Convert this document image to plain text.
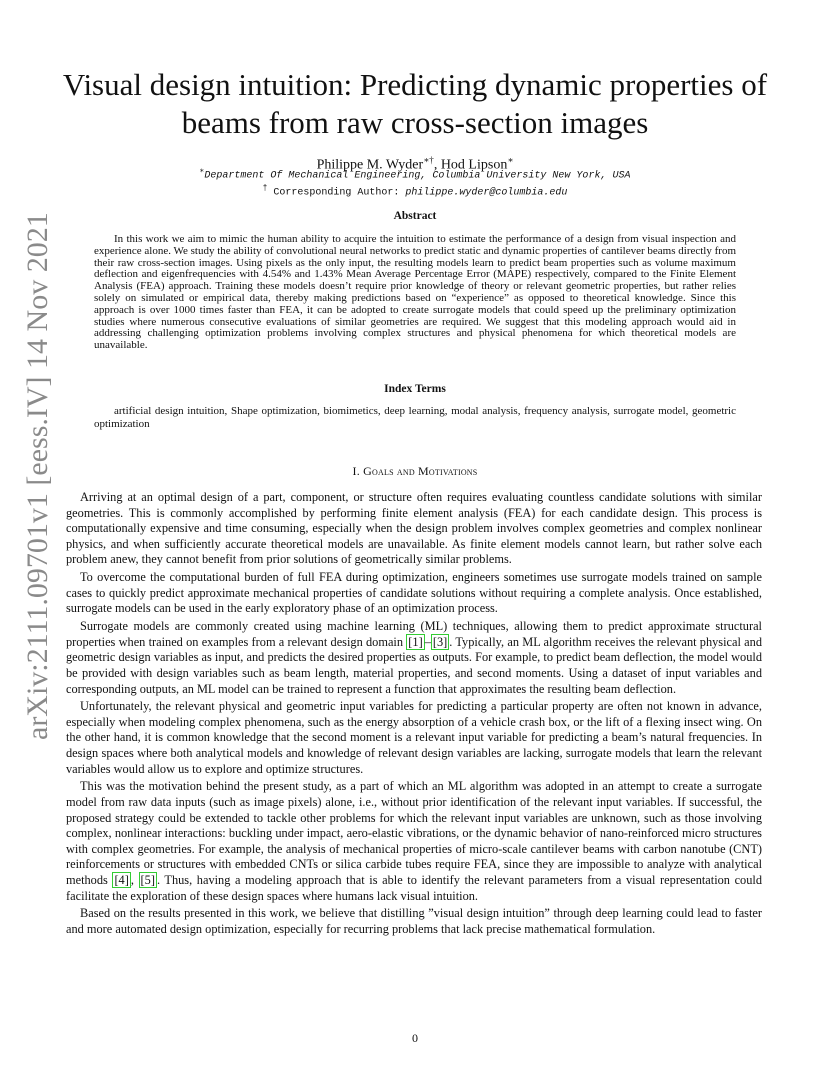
arXiv:2111.09701v1 [eess.IV] 14 Nov 2021
Visual design intuition: Predicting dynamic properties of beams from raw cross-section images
Philippe M. Wyder∗†, Hod Lipson∗
∗Department Of Mechanical Engineering, Columbia University New York, USA
† Corresponding Author: philippe.wyder@columbia.edu
Abstract
In this work we aim to mimic the human ability to acquire the intuition to estimate the performance of a design from visual inspection and experience alone. We study the ability of convolutional neural networks to predict static and dynamic properties of cantilever beams directly from their raw cross-section images. Using pixels as the only input, the resulting models learn to predict beam properties such as volume maximum deflection and eigenfrequencies with 4.54% and 1.43% Mean Average Percentage Error (MAPE) respectively, compared to the Finite Element Analysis (FEA) approach. Training these models doesn’t require prior knowledge of theory or relevant geometric properties, but rather relies solely on simulated or empirical data, thereby making predictions based on “experience” as opposed to theoretical knowledge. Since this approach is over 1000 times faster than FEA, it can be adopted to create surrogate models that could speed up the preliminary optimization studies where numerous consecutive evaluations of similar geometries are required. We suggest that this modeling approach would aid in addressing challenging optimization problems involving complex structures and physical phenomena for which theoretical models are unavailable.
Index Terms
artificial design intuition, Shape optimization, biomimetics, deep learning, modal analysis, frequency analysis, surrogate model, geometric optimization
I. Goals and Motivations

Arriving at an optimal design of a part, component, or structure often requires evaluating countless candidate solutions with similar geometries. This is commonly accomplished by performing finite element analysis (FEA) for each candidate design. This process is computationally expensive and time consuming, especially when the design problem involves complex geometries and complex nonlinear physics, and when sufficiently accurate theoretical models are unavailable. As finite element models cannot learn, but rather solve each problem anew, they cannot benefit from prior solutions of geometrically similar problems.

To overcome the computational burden of full FEA during optimization, engineers sometimes use surrogate models trained on sample cases to quickly predict approximate mechanical properties of candidate solutions without requiring a complete analysis. Once established, surrogate models can be used in the early exploratory phase of an optimization process.

Surrogate models are commonly created using machine learning (ML) techniques, allowing them to predict approximate structural properties when trained on examples from a relevant design domain [1] – [3] . Typically, an ML algorithm receives the relevant physical and geometric design variables as input, and predicts the desired properties as outputs. For example, to predict beam deflection, the model would be provided with design variables such as beam length, material properties, and second moments. Using a dataset of input variables and corresponding outputs, an ML model can be trained to represent a function that approximates the resulting beam deflection.

Unfortunately, the relevant physical and geometric input variables for predicting a particular property are often not known in advance, especially when modeling complex phenomena, such as the energy absorption of a vehicle crash box, or the lift of a flexing insect wing. On the other hand, it is common knowledge that the second moment is a relevant input variable for predicting a beam’s natural frequencies. In design spaces where both analytical models and knowledge of relevant design variables are lacking, surrogate models that learn the relevant variables would allow us to explore and optimize structures.

This was the motivation behind the present study, as a part of which an ML algorithm was adopted in an attempt to create a surrogate model from raw data inputs (such as image pixels) alone, i.e., without prior identification of the relevant input variables. If successful, the proposed strategy could be extended to tackle other problems for which the relevant input variables are unknown, such as those involving complex, nonlinear interactions: buckling under impact, aero-elastic vibrations, or the dynamic behavior of nano-reinforced micro structures with complex geometries. For example, the analysis of mechanical properties of micro-scale cantilever beams with carbon nanotube (CNT) reinforcements or structures with embedded CNTs or silica carbide tubes require FEA, since they are impossible to analyze with analytical methods [4] , [5] . Thus, having a modeling approach that is able to identify the relevant parameters from a visual representation could facilitate the exploration of these design spaces where humans lack visual intuition.

Based on the results presented in this work, we believe that distilling ”visual design intuition” through deep learning could lead to faster and more automated design optimization, especially for recurring problems that lack precise mathematical formulation.

0
